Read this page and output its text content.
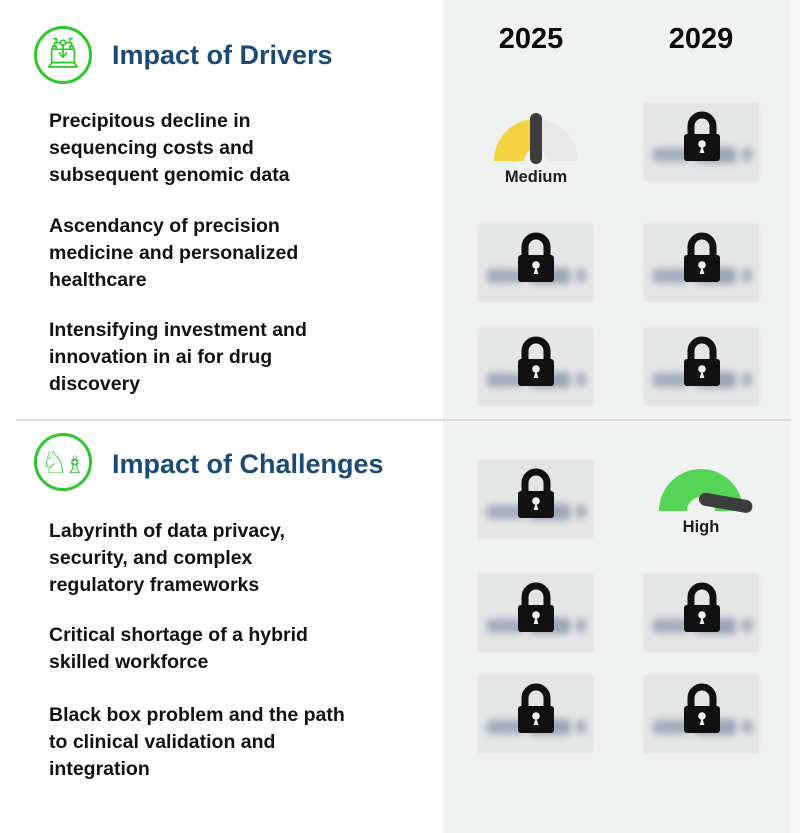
2025	2029
Impact of Drivers
Precipitous decline in
sequencing costs and
subsequent genomic data
Ascendancy of precision
medicine and personalized
healthcare
Intensifying investment and
innovation in ai for drug
discovery
Medium
♘
♗ Impact of Challenges
Labyrinth of data privacy,
security, and complex
regulatory frameworks
Critical shortage of a hybrid
skilled workforce
Black box problem and the path
to clinical validation and
integration
High
